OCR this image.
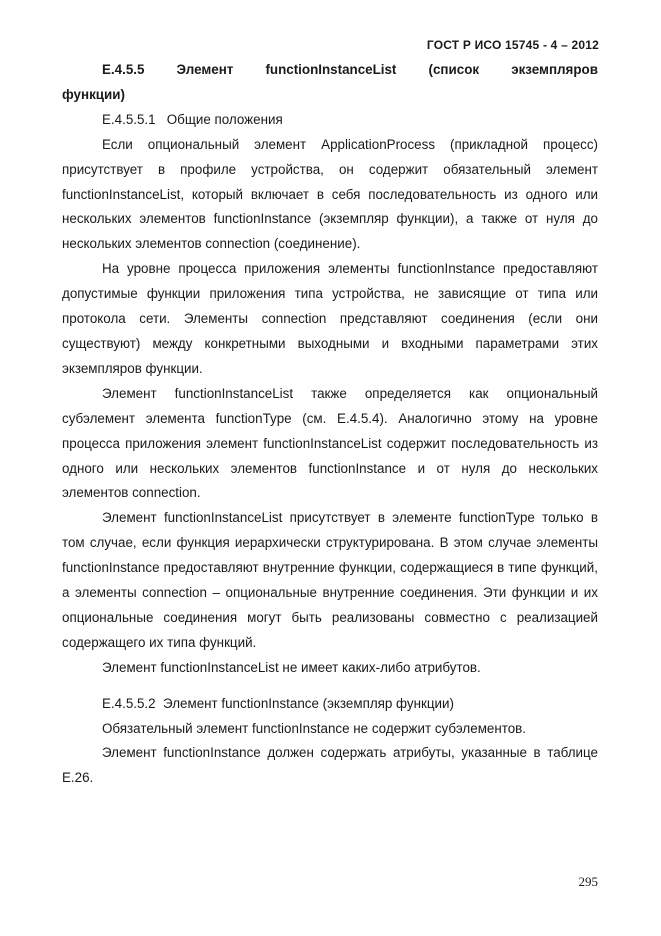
ГОСТ Р ИСО 15745 - 4 – 2012
E.4.5.5 Элемент functionInstanceList (список экземпляров
функции)

E.4.5.5.1   Общие положения

Если опциональный элемент ApplicationProcess (прикладной процесс) присутствует в профиле устройства, он содержит обязательный элемент functionInstanceList, который включает в себя последовательность из одного или нескольких элементов functionInstance (экземпляр функции), а также от нуля до нескольких элементов connection (соединение).

На уровне процесса приложения элементы functionInstance предоставляют допустимые функции приложения типа устройства, не зависящие от типа или протокола сети. Элементы connection представляют соединения (если они существуют) между конкретными выходными и входными параметрами этих экземпляров функции.

Элемент functionInstanceList также определяется как опциональный субэлемент элемента functionType (см. E.4.5.4). Аналогично этому на уровне процесса приложения элемент functionInstanceList содержит последовательность из одного или нескольких элементов functionInstance и от нуля до нескольких элементов connection.

Элемент functionInstanceList присутствует в элементе functionType только в том случае, если функция иерархически структурирована. В этом случае элементы functionInstance предоставляют внутренние функции, содержащиеся в типе функций, а элементы connection – опциональные внутренние соединения. Эти функции и их опциональные соединения могут быть реализованы совместно с реализацией содержащего их типа функций.

Элемент functionInstanceList не имеет каких-либо атрибутов.

E.4.5.5.2  Элемент functionInstance (экземпляр функции)

Обязательный элемент functionInstance не содержит субэлементов.

Элемент functionInstance должен содержать атрибуты, указанные в таблице E.26.

295
